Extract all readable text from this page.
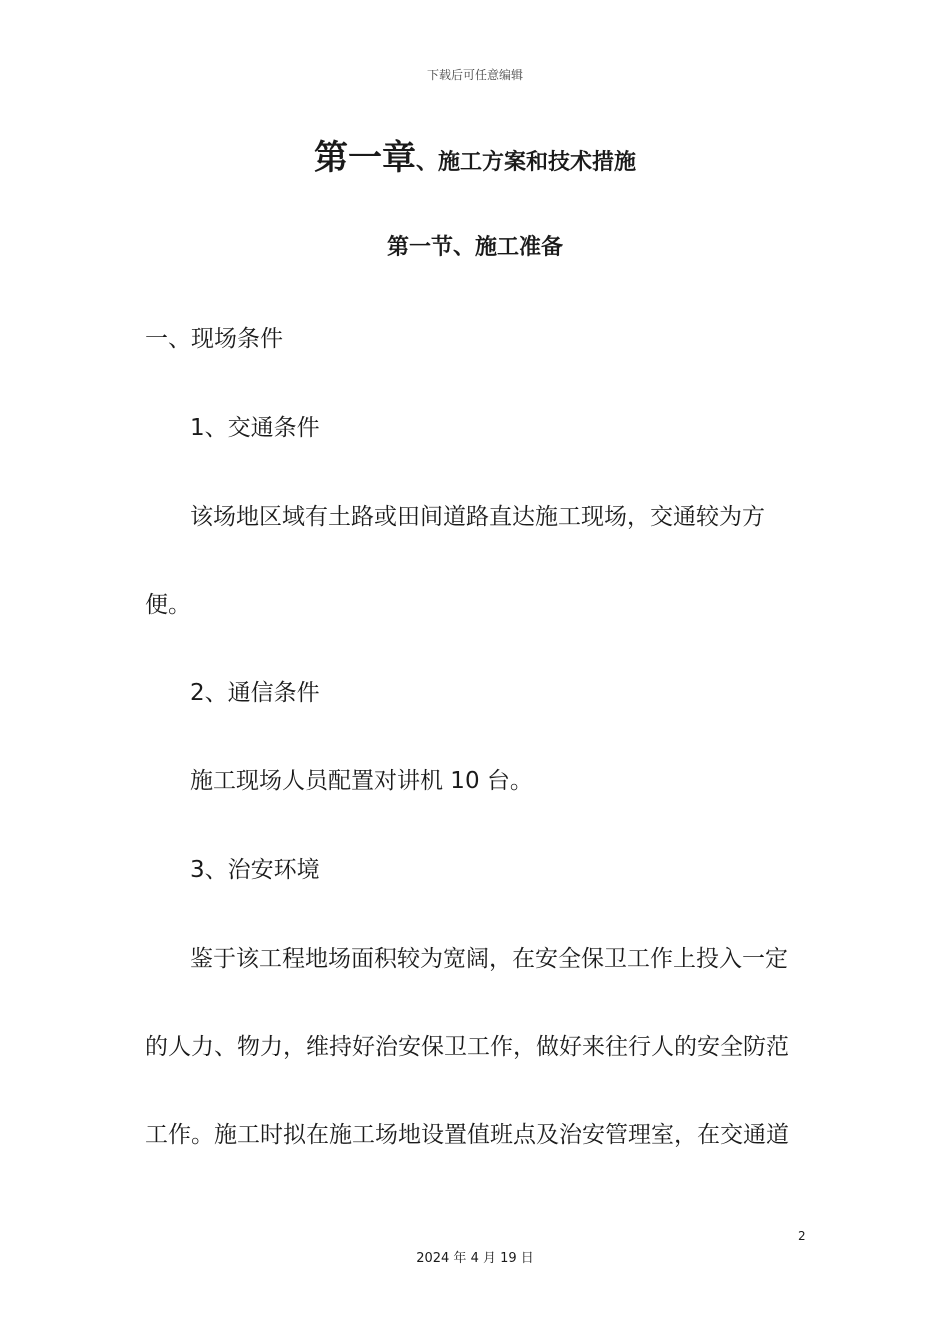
下载后可任意编辑
第一章、施工方案和技术措施
第一节、施工准备
一、现场条件
1、交通条件
该场地区域有土路或田间道路直达施工现场，交通较为方
便。
2、通信条件
施工现场人员配置对讲机 10 台。
3、治安环境
鉴于该工程地场面积较为宽阔，在安全保卫工作上投入一定
的人力、物力，维持好治安保卫工作，做好来往行人的安全防范
工作。施工时拟在施工场地设置值班点及治安管理室，在交通道
2
2024 年 4 月 19 日
